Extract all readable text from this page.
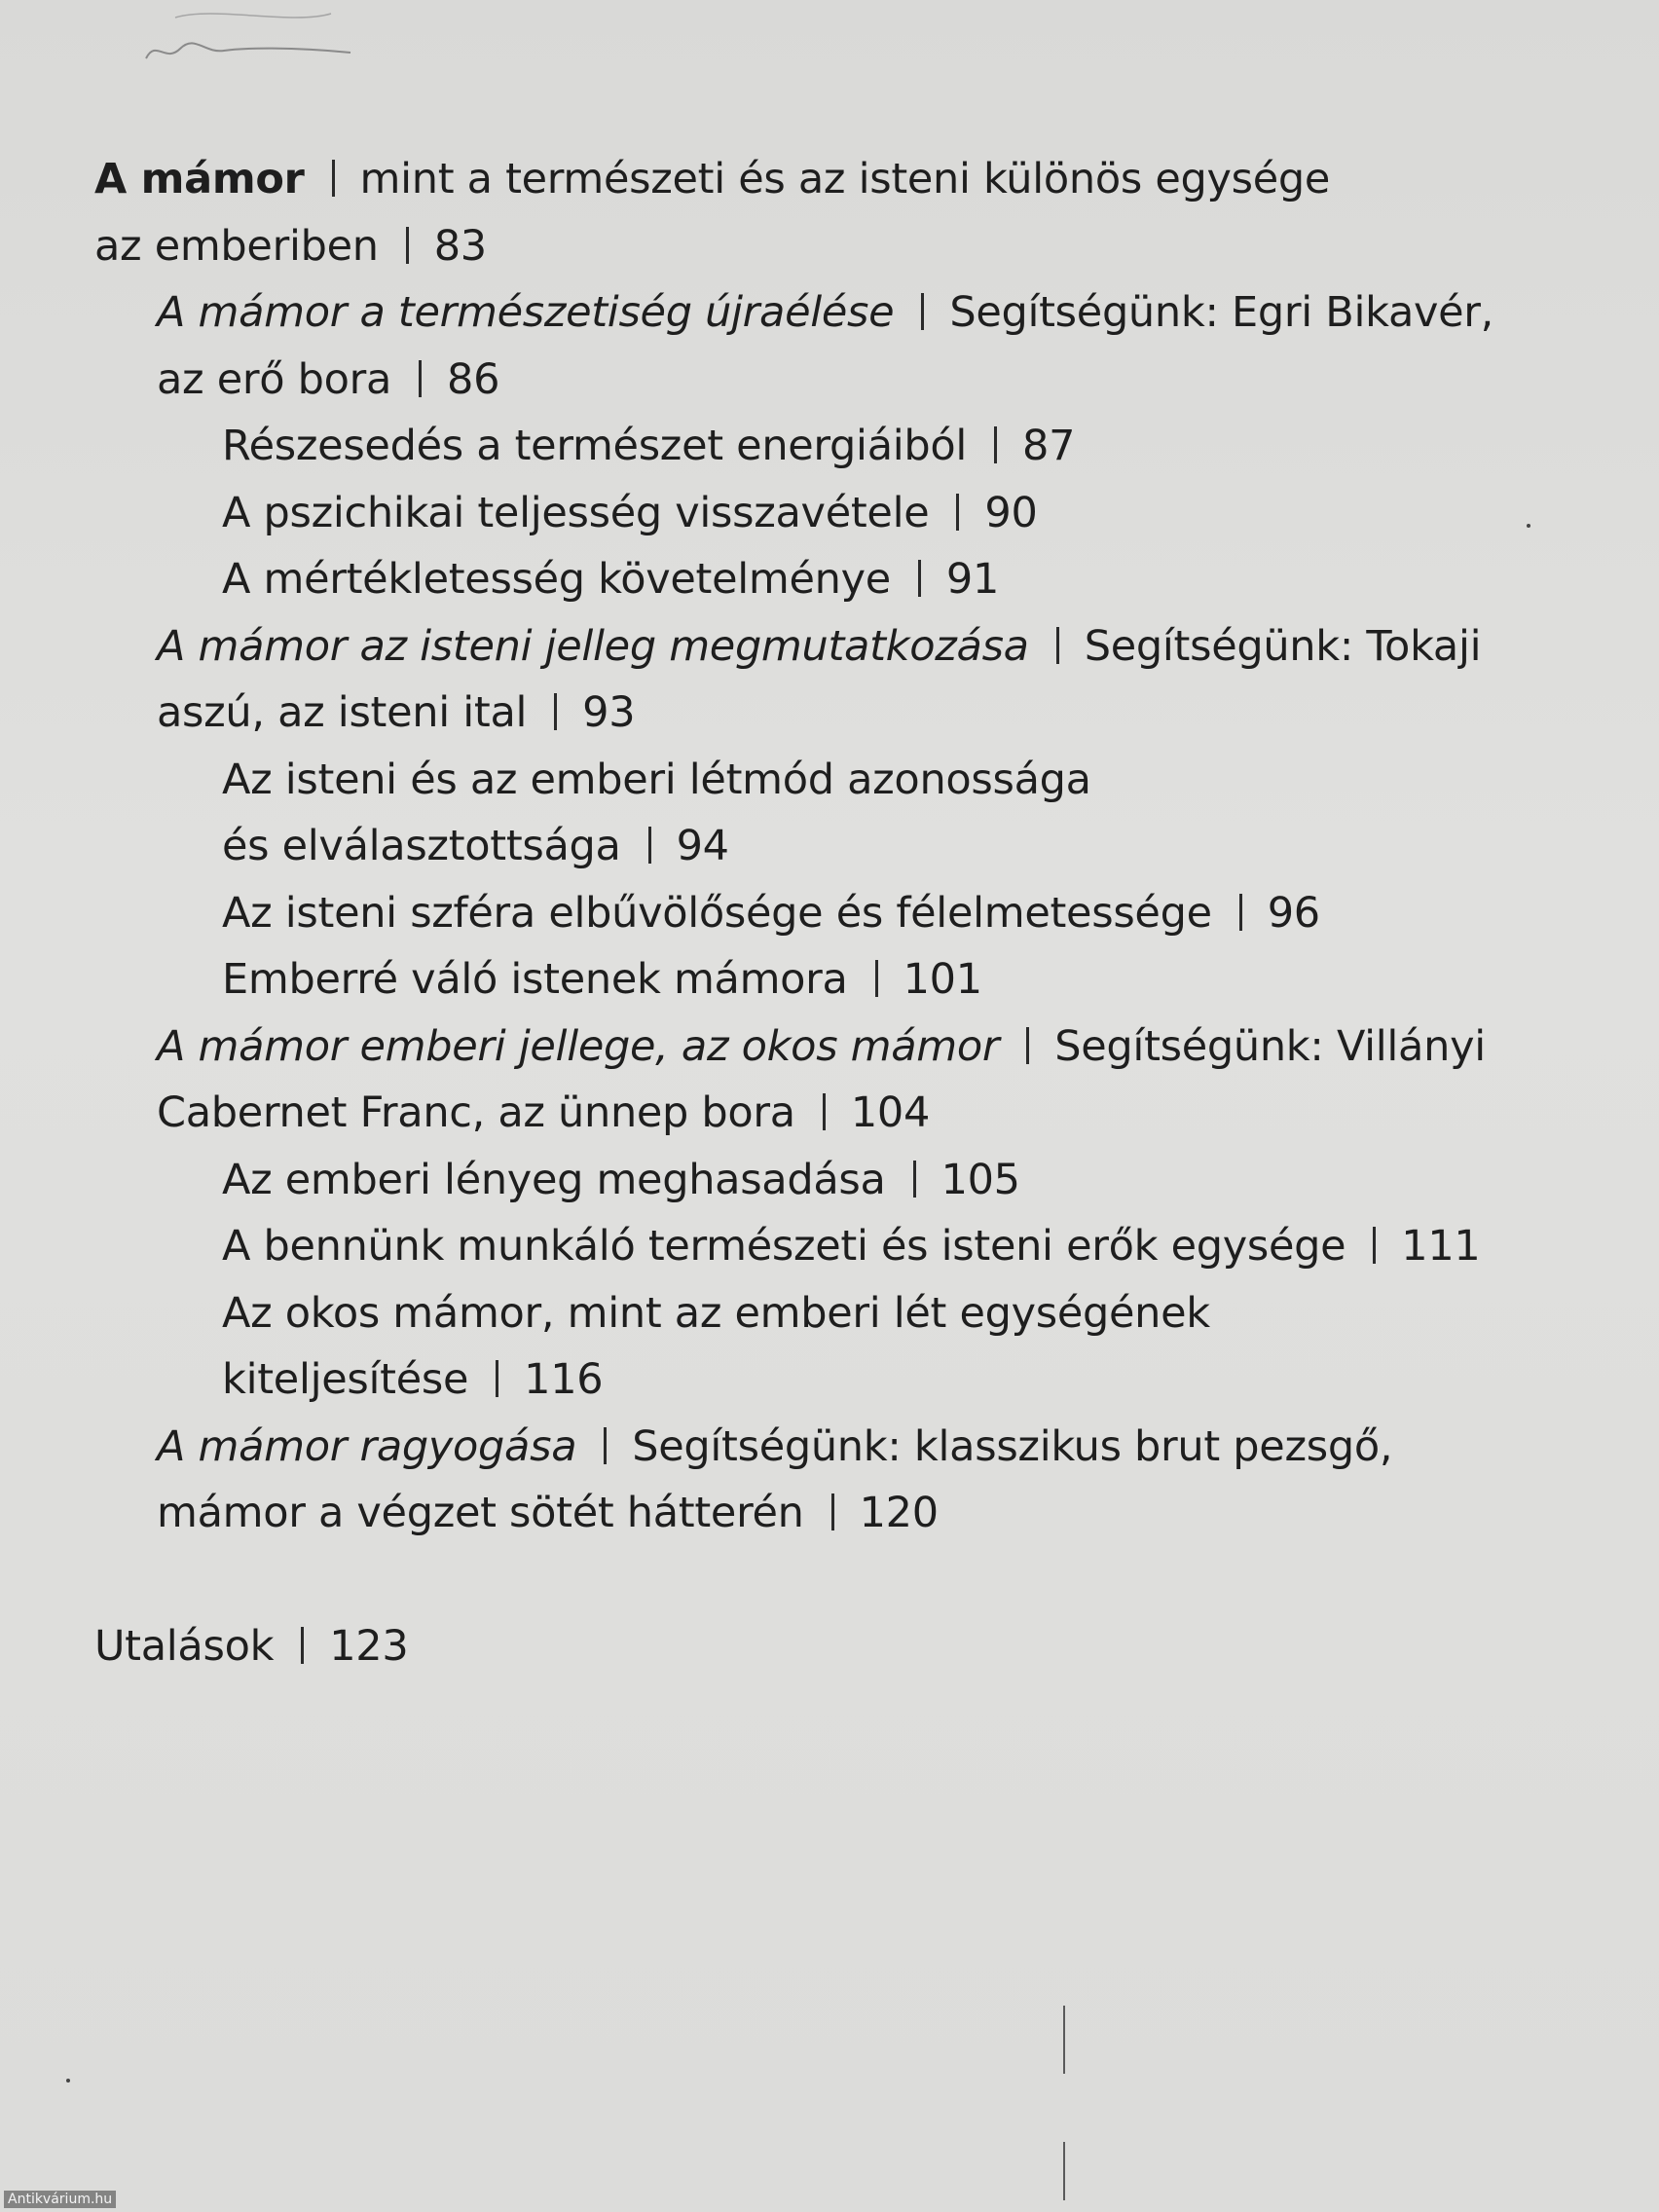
A mámor mint a természeti és az isteni különös egysége
az emberiben 83
A mámor a természetiség újraélése Segítségünk: Egri Bikavér,
az erő bora 86
Részesedés a természet energiáiból 87
A pszichikai teljesség visszavétele 90
A mértékletesség követelménye 91
A mámor az isteni jelleg megmutatkozása Segítségünk: Tokaji
aszú, az isteni ital 93
Az isteni és az emberi létmód azonossága
és elválasztottsága 94
Az isteni szféra elbűvölősége és félelmetessége 96
Emberré váló istenek mámora 101
A mámor emberi jellege, az okos mámor Segítségünk: Villányi
Cabernet Franc, az ünnep bora 104
Az emberi lényeg meghasadása 105
A bennünk munkáló természeti és isteni erők egysége 111
Az okos mámor, mint az emberi lét egységének
kiteljesítése 116
A mámor ragyogása Segítségünk: klasszikus brut pezsgő,
mámor a végzet sötét hátterén 120
Utalások 123
Antikvárium.hu
